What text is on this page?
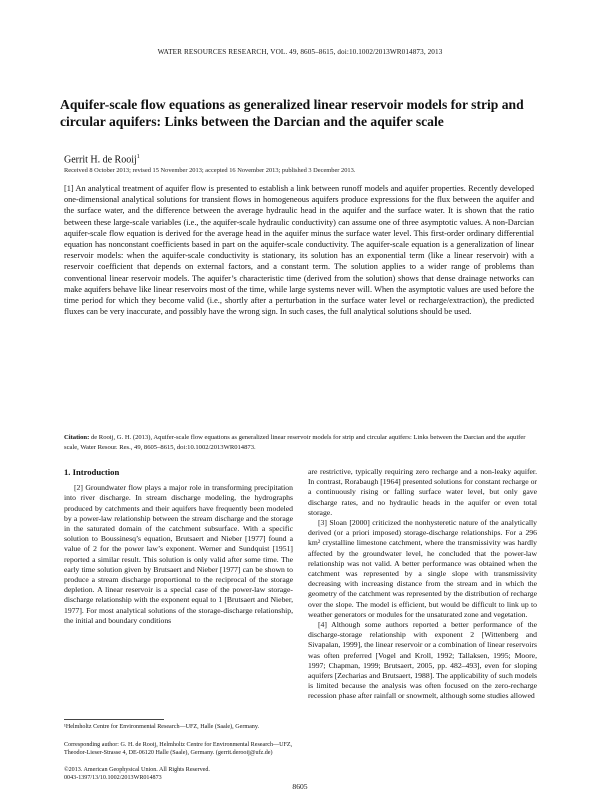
WATER RESOURCES RESEARCH, VOL. 49, 8605–8615, doi:10.1002/2013WR014873, 2013
Aquifer-scale flow equations as generalized linear reservoir models for strip and circular aquifers: Links between the Darcian and the aquifer scale
Gerrit H. de Rooij$^1$
Received 8 October 2013; revised 15 November 2013; accepted 16 November 2013; published 3 December 2013.
[1] An analytical treatment of aquifer flow is presented to establish a link between runoff models and aquifer properties. Recently developed one-dimensional analytical solutions for transient flows in homogeneous aquifers produce expressions for the flux between the aquifer and the surface water, and the difference between the average hydraulic head in the aquifer and the surface water. It is shown that the ratio between these large-scale variables (i.e., the aquifer-scale hydraulic conductivity) can assume one of three asymptotic values. A non-Darcian aquifer-scale flow equation is derived for the average head in the aquifer minus the surface water level. This first-order ordinary differential equation has nonconstant coefficients based in part on the aquifer-scale conductivity. The aquifer-scale equation is a generalization of linear reservoir models: when the aquifer-scale conductivity is stationary, its solution has an exponential term (like a linear reservoir) with a reservoir coefficient that depends on external factors, and a constant term. The solution applies to a wider range of problems than conventional linear reservoir models. The aquifer’s characteristic time (derived from the solution) shows that dense drainage networks can make aquifers behave like linear reservoirs most of the time, while large systems never will. When the asymptotic values are used before the time period for which they become valid (i.e., shortly after a perturbation in the surface water level or recharge/extraction), the predicted fluxes can be very inaccurate, and possibly have the wrong sign. In such cases, the full analytical solutions should be used.
Citation: de Rooij, G. H. (2013), Aquifer-scale flow equations as generalized linear reservoir models for strip and circular aquifers: Links between the Darcian and the aquifer scale, Water Resour. Res., 49, 8605–8615, doi:10.1002/2013WR014873.
1. Introduction

[2] Groundwater flow plays a major role in transforming precipitation into river discharge. In stream discharge modeling, the hydrographs produced by catchments and their aquifers have frequently been modeled by a power-law relationship between the stream discharge and the storage in the saturated domain of the catchment subsurface. With a specific solution to Boussinesq’s equation, Brutsaert and Nieber [1977] found a value of 2 for the power law’s exponent. Werner and Sundquist [1951] reported a similar result. This solution is only valid after some time. The early time solution given by Brutsaert and Nieber [1977] can be shown to produce a stream discharge proportional to the reciprocal of the storage depletion. A linear reservoir is a special case of the power-law storage-discharge relationship with the exponent equal to 1 [Brutsaert and Nieber, 1977]. For most analytical solutions of the storage-discharge relationship, the initial and boundary conditions

are restrictive, typically requiring zero recharge and a non-leaky aquifer. In contrast, Rorabaugh [1964] presented solutions for constant recharge or a continuously rising or falling surface water level, but only gave discharge rates, and no hydraulic heads in the aquifer or even total storage.

[3] Sloan [2000] criticized the nonhysteretic nature of the analytically derived (or a priori imposed) storage-discharge relationships. For a 296 km² crystalline limestone catchment, where the transmissivity was hardly affected by the groundwater level, he concluded that the power-law relationship was not valid. A better performance was obtained when the catchment was represented by a single slope with transmissivity decreasing with increasing distance from the stream and in which the geometry of the catchment was represented by the distribution of recharge over the slope. The model is efficient, but would be difficult to link up to weather generators or modules for the unsaturated zone and vegetation.

[4] Although some authors reported a better performance of the discharge-storage relationship with exponent 2 [Wittenberg and Sivapalan, 1999], the linear reservoir or a combination of linear reservoirs was often preferred [Vogel and Kroll, 1992; Tallaksen, 1995; Moore, 1997; Chapman, 1999; Brutsaert, 2005, pp. 482–493], even for sloping aquifers [Zecharias and Brutsaert, 1988]. The applicability of such models is limited because the analysis was often focused on the zero-recharge recession phase after rainfall or snowmelt, although some studies allowed

¹Helmholtz Centre for Environmental Research—UFZ, Halle (Saale), Germany.
Corresponding author: G. H. de Rooij, Helmholtz Centre for Environmental Research—UFZ, Theodor-Lieser-Strasse 4, DE-06120 Halle (Saale), Germany. (gerrit.derooij@ufz.de)
©2013. American Geophysical Union. All Rights Reserved.
0043-1397/13/10.1002/2013WR014873
8605
